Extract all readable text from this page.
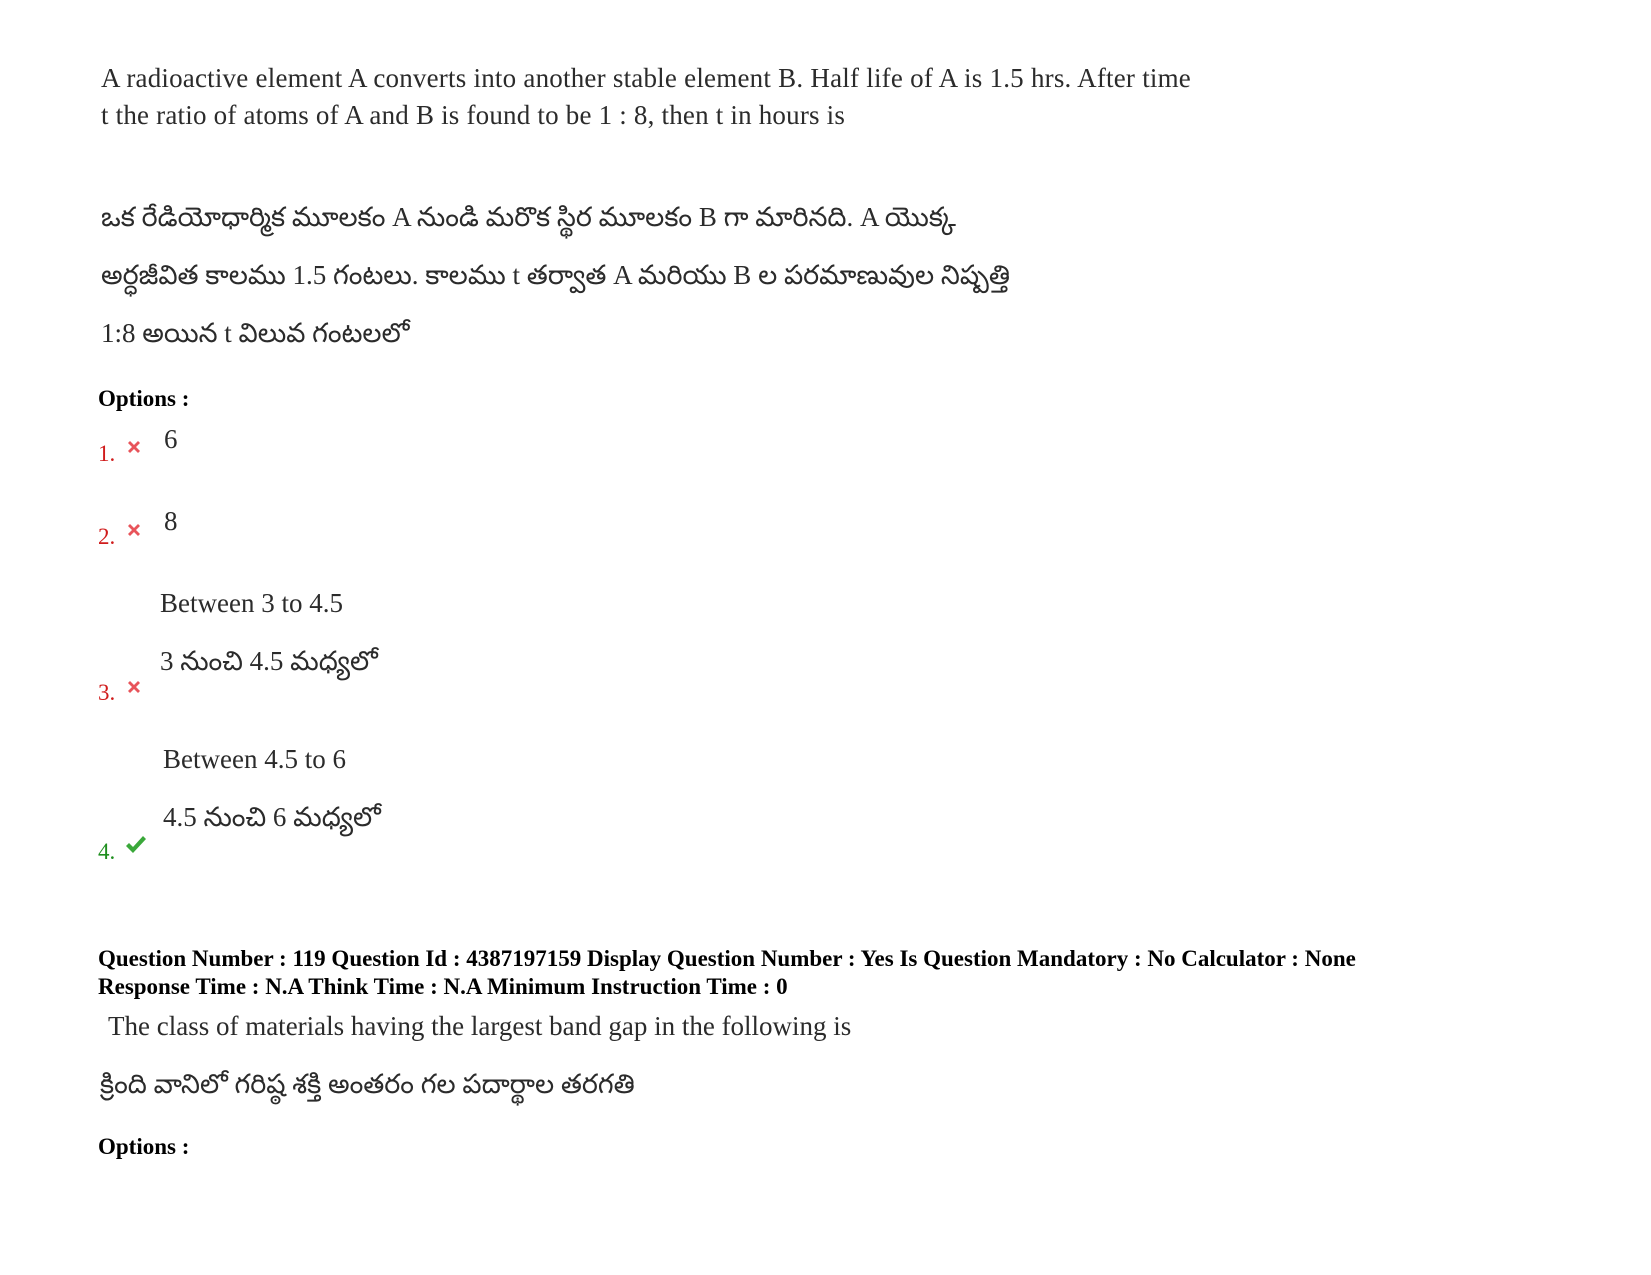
A radioactive element A converts into another stable element B. Half life of A is 1.5 hrs. After time t the ratio of atoms of A and B is found to be 1 : 8, then t in hours is
ఒక రేడియోధార్మిక మూలకం A నుండి మరొక స్థిర మూలకం B గా మారినది. A యొక్క
అర్ధజీవిత కాలము 1.5 గంటలు. కాలము t తర్వాత A మరియు B ల పరమాణువుల నిష్పత్తి
1:8 అయిన t విలువ గంటలలో
Options :
1. 6
2.
8
Between 3 to 4.5
3 నుంచి 4.5 మధ్యలో
3.
Between 4.5 to 6
4.5 నుంచి 6 మధ్యలో
4.
Question Number : 119 Question Id : 4387197159 Display Question Number : Yes Is Question Mandatory : No Calculator : None
Response Time : N.A Think Time : N.A Minimum Instruction Time : 0
The class of materials having the largest band gap in the following is
క్రింది వానిలో గరిష్ఠ శక్తి అంతరం గల పదార్థాల తరగతి
Options :
